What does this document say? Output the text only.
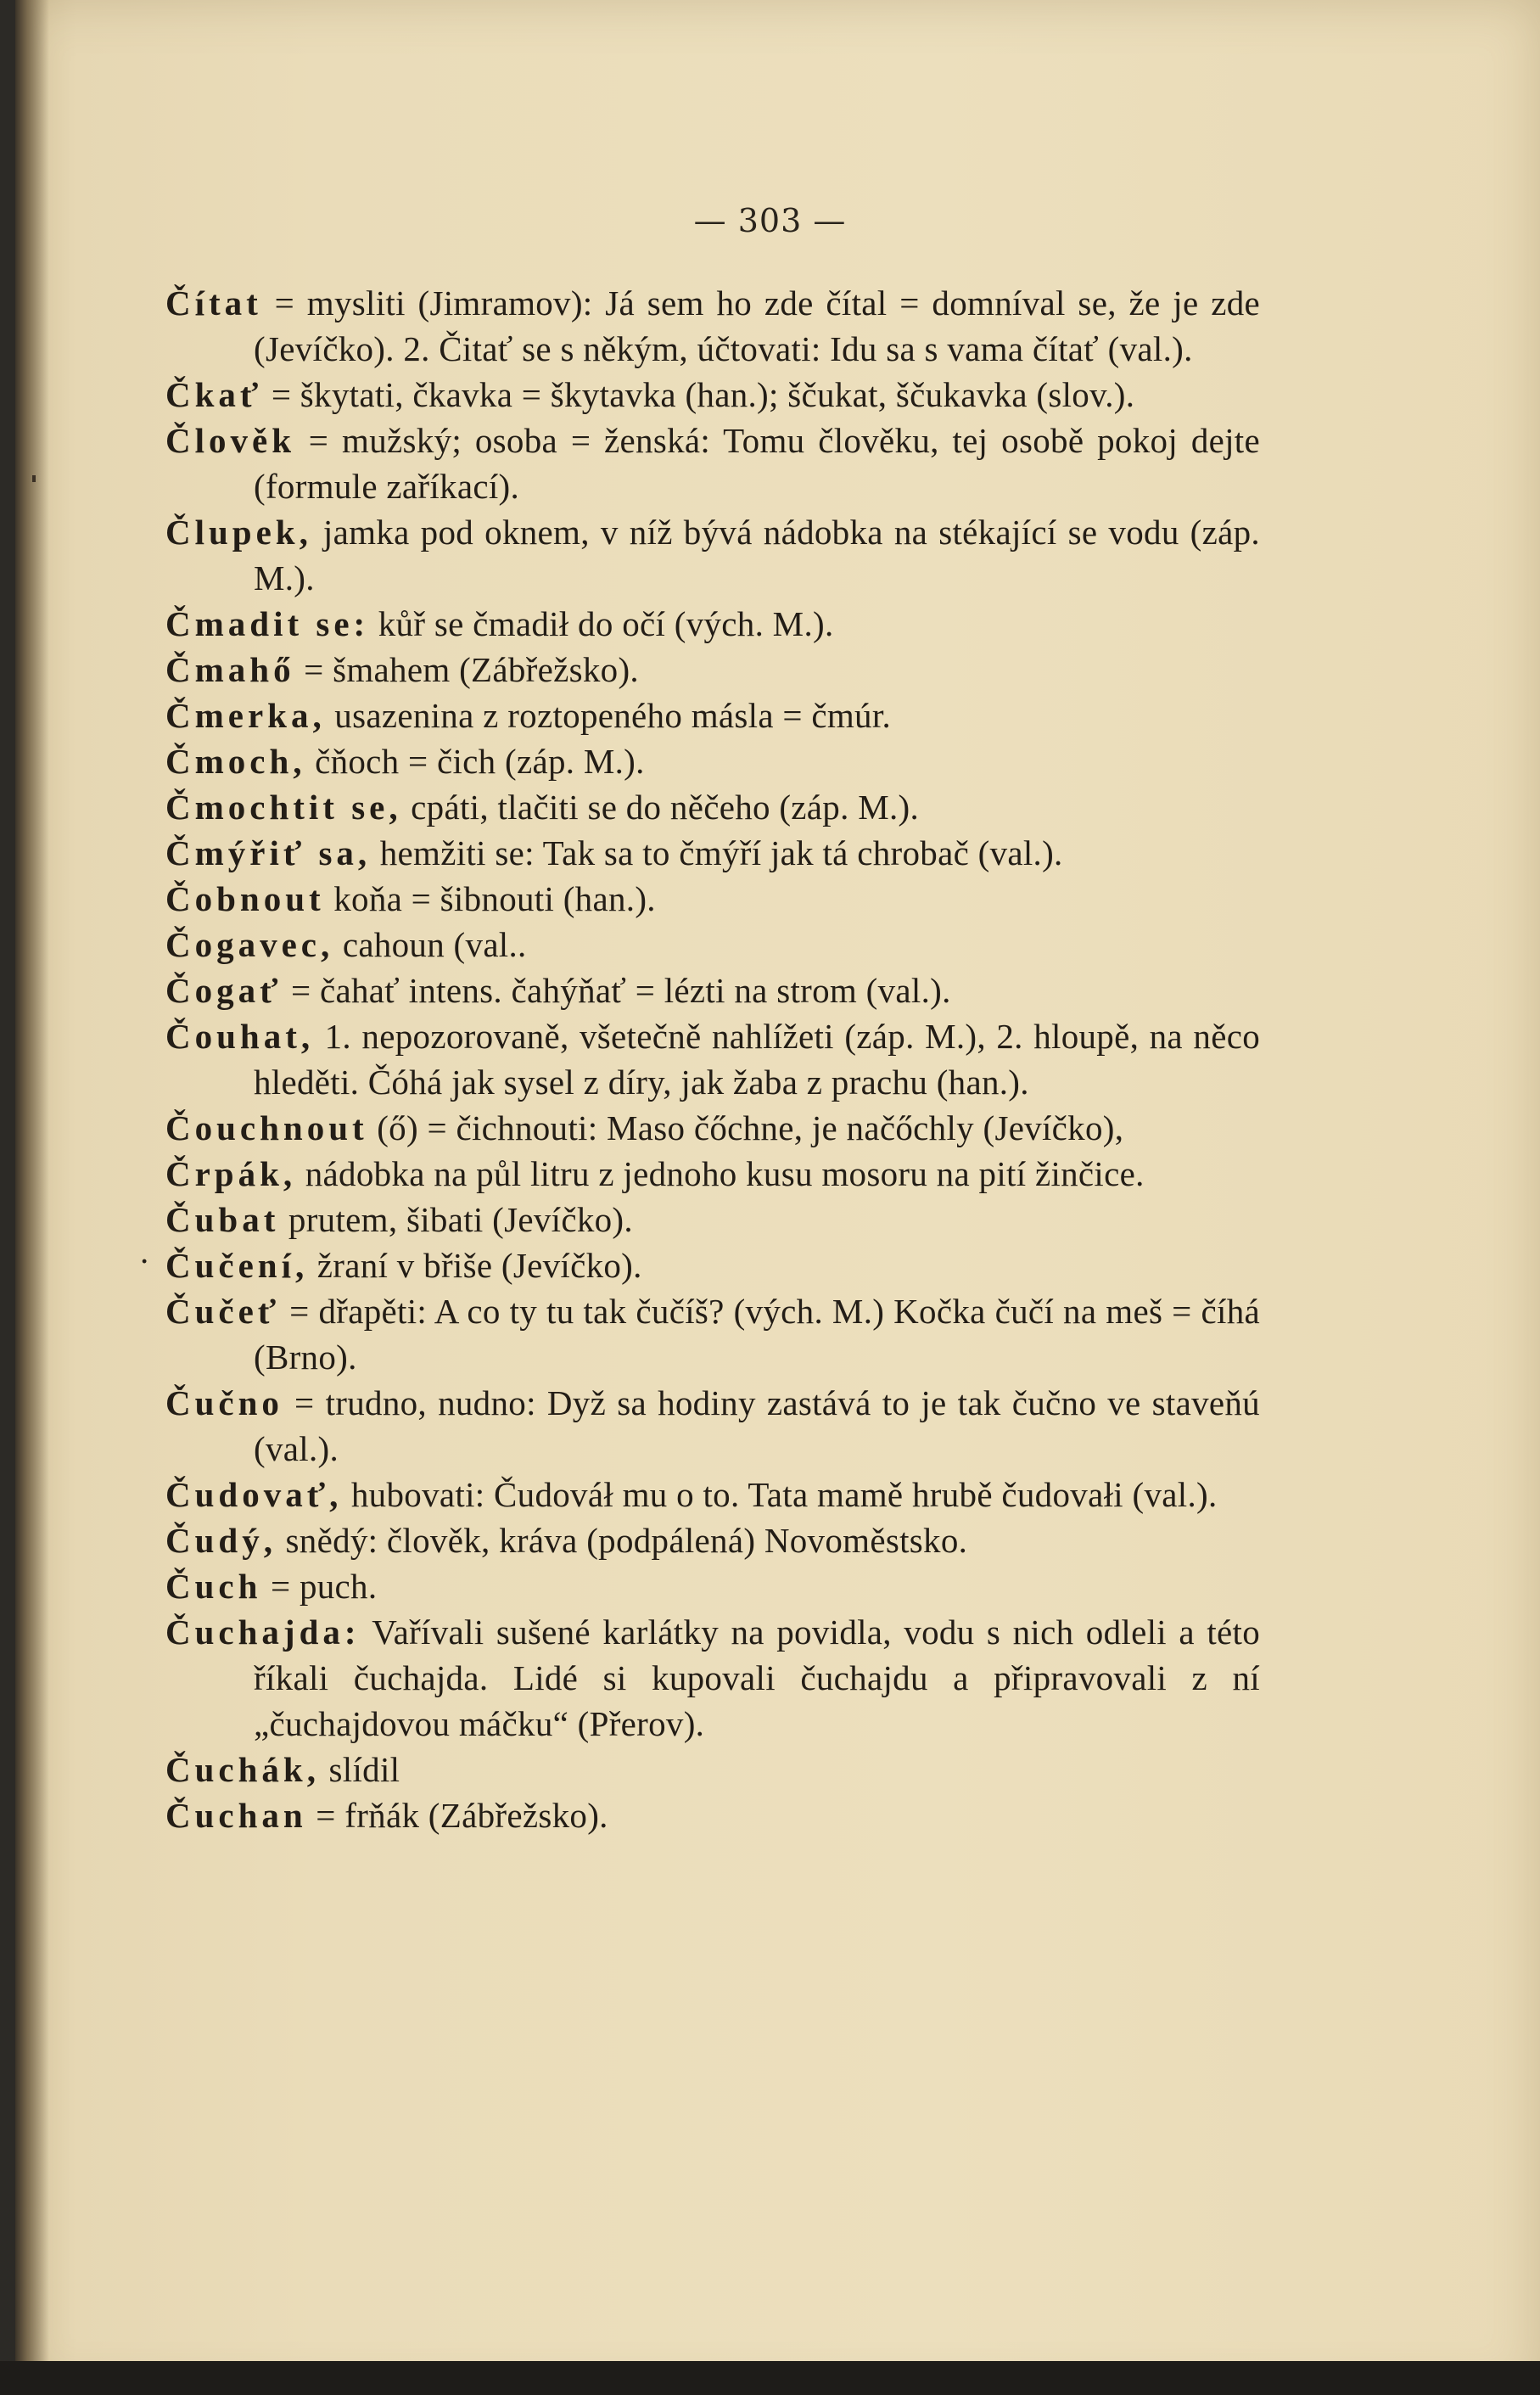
— 303 —
.

Čítat = mysliti (Jimramov): Já sem ho zde čítal = domníval se, že je zde (Jevíčko). 2. Čitať se s někým, účtovati: Idu sa s vama čítať (val.).

Čkať = škytati, čkavka = škytavka (han.); ščukat, ščukavka (slov.).

Člověk = mužský; osoba = ženská: Tomu člověku, tej osobě pokoj dejte (formule zaříkací).

Člupek, jamka pod oknem, v níž bývá nádobka na stékající se vodu (záp. M.).

Čmadit se: kůř se čmadił do očí (vých. M.).

Čmahő = šmahem (Zábřežsko).

Čmerka, usazenina z roztopeného másla = čmúr.

Čmoch, čňoch = čich (záp. M.).

Čmochtit se, cpáti, tlačiti se do něčeho (záp. M.).

Čmýřiť sa, hemžiti se: Tak sa to čmýří jak tá chrobač (val.).

Čobnout koňa = šibnouti (han.).

Čogavec, cahoun (val..

Čogať = čahať intens. čahýňať = lézti na strom (val.).

Čouhat, 1. nepozorovaně, všetečně nahlížeti (záp. M.), 2. hloupě, na něco hleděti. Čóhá jak sysel z díry, jak žaba z prachu (han.).

Čouchnout (ő) = čichnouti: Maso čőchne, je načőchly (Jevíčko),

Črpák, nádobka na půl litru z jednoho kusu mosoru na pití žinčice.

Čubat prutem, šibati (Jevíčko).

Čučení, žraní v břiše (Jevíčko).

Čučeť = dřapěti: A co ty tu tak čučíš? (vých. M.) Kočka čučí na meš = číhá (Brno).

Čučno = trudno, nudno: Dyž sa hodiny zastává to je tak čučno ve staveňú (val.).

Čudovať, hubovati: Čudováł mu o to. Tata mamě hrubě čudovałi (val.).

Čudý, snědý: člověk, kráva (podpálená) Novoměstsko.

Čuch = puch.

Čuchajda: Vařívali sušené karlátky na povidla, vodu s nich odleli a této říkali čuchajda. Lidé si kupovali čuchajdu a připravovali z ní „čuchajdovou máčku“ (Přerov).

Čuchák, slídil

Čuchan = frňák (Zábřežsko).
